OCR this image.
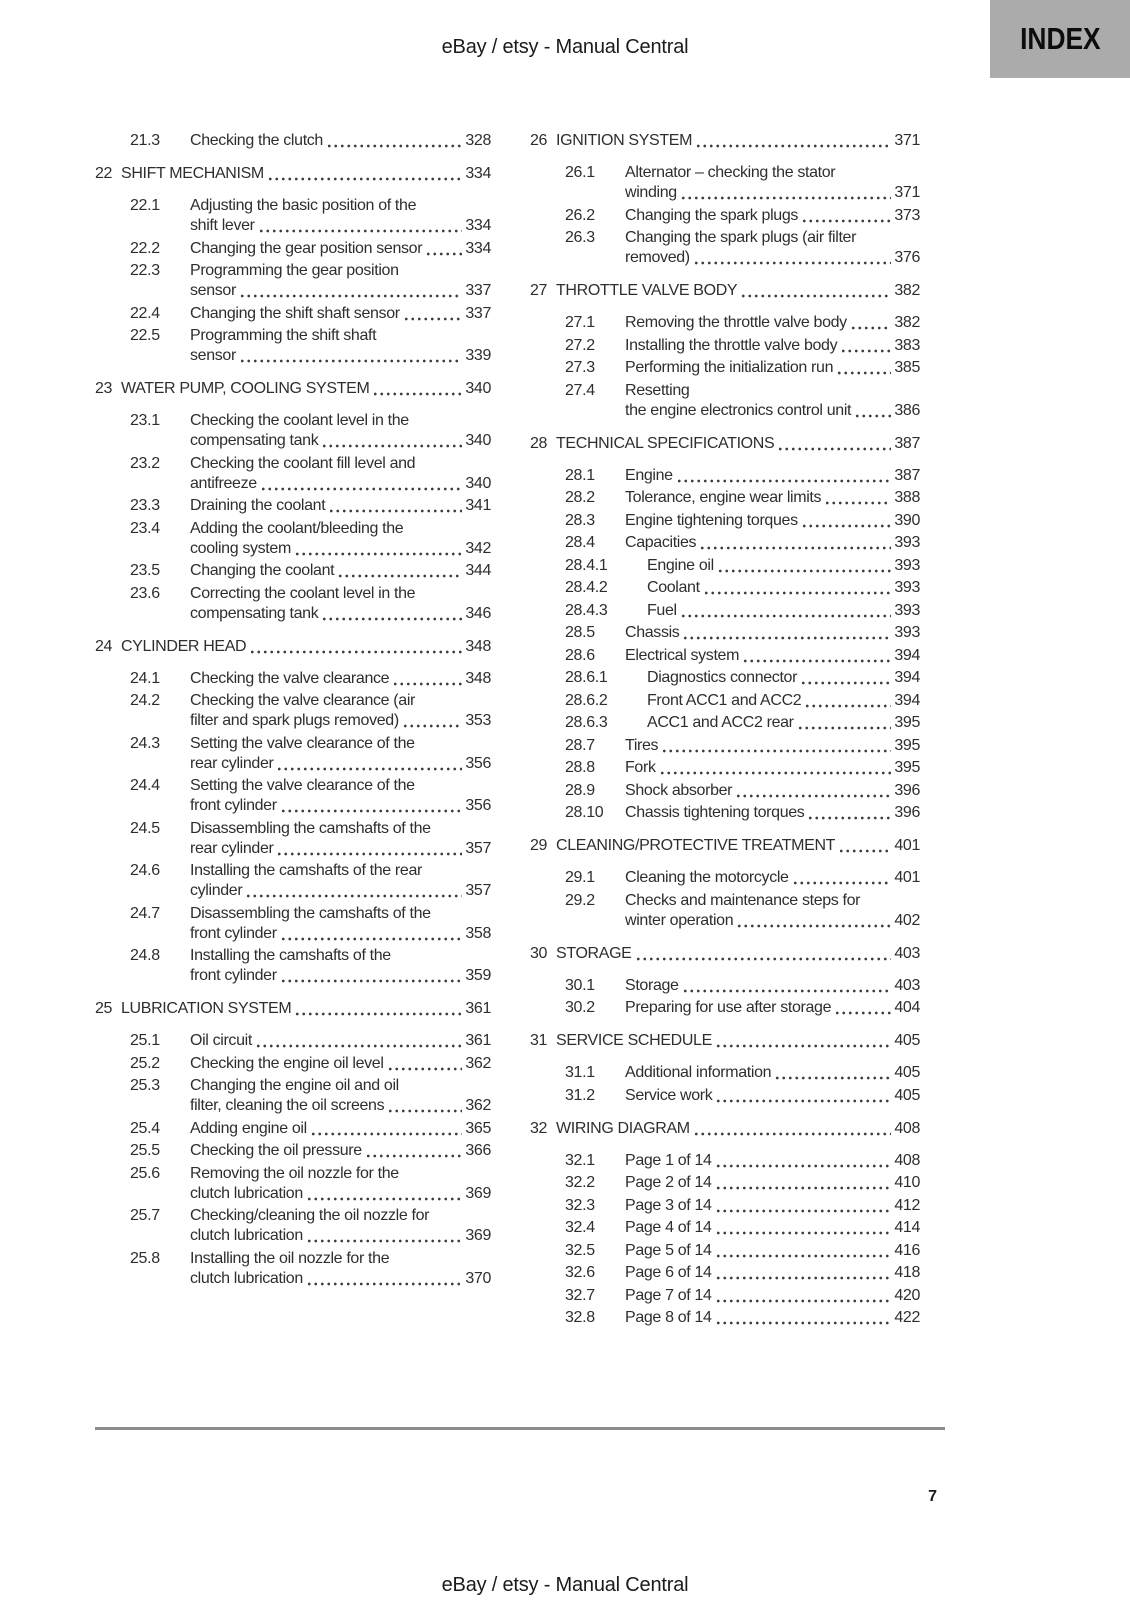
eBay / etsy - Manual Central	INDEX
21.3	Checking the clutch	328
22 SHIFT MECHANISM	334
22.1	Adjusting the basic position of the
shift lever	334
22.2	Changing the gear position sensor	334
22.3	Programming the gear position
sensor	337
22.4	Changing the shift shaft sensor	337
22.5	Programming the shift shaft
sensor	339
23 WATER PUMP, COOLING SYSTEM	340
23.1	Checking the coolant level in the
compensating tank	340
23.2	Checking the coolant fill level and
antifreeze	340
23.3	Draining the coolant	341
23.4	Adding the coolant/bleeding the
cooling system	342
23.5	Changing the coolant	344
23.6	Correcting the coolant level in the
compensating tank	346
24 CYLINDER HEAD	348
24.1	Checking the valve clearance	348
24.2	Checking the valve clearance (air
filter and spark plugs removed)	353
24.3	Setting the valve clearance of the
rear cylinder	356
24.4	Setting the valve clearance of the
front cylinder	356
24.5	Disassembling the camshafts of the
rear cylinder	357
24.6	Installing the camshafts of the rear
cylinder	357
24.7	Disassembling the camshafts of the
front cylinder	358
24.8	Installing the camshafts of the
front cylinder	359
25 LUBRICATION SYSTEM	361
25.1	Oil circuit	361
25.2	Checking the engine oil level	362
25.3	Changing the engine oil and oil
filter, cleaning the oil screens	362
25.4	Adding engine oil	365
25.5	Checking the oil pressure	366
25.6	Removing the oil nozzle for the
clutch lubrication	369
25.7	Checking/cleaning the oil nozzle for
clutch lubrication	369
25.8	Installing the oil nozzle for the
clutch lubrication	370
26 IGNITION SYSTEM	371
26.1	Alternator – checking the stator
winding	371
26.2	Changing the spark plugs	373
26.3	Changing the spark plugs (air filter
removed)	376
27 THROTTLE VALVE BODY	382
27.1	Removing the throttle valve body	382
27.2	Installing the throttle valve body	383
27.3	Performing the initialization run	385
27.4	Resetting
the engine electronics control unit	386
28 TECHNICAL SPECIFICATIONS	387
28.1	Engine	387
28.2	Tolerance, engine wear limits	388
28.3	Engine tightening torques	390
28.4	Capacities	393
28.4.1	Engine oil	393
28.4.2	Coolant	393
28.4.3	Fuel	393
28.5	Chassis	393
28.6	Electrical system	394
28.6.1	Diagnostics connector	394
28.6.2	Front ACC1 and ACC2	394
28.6.3	ACC1 and ACC2 rear	395
28.7	Tires	395
28.8	Fork	395
28.9	Shock absorber	396
28.10	Chassis tightening torques	396
29 CLEANING/PROTECTIVE TREATMENT	401
29.1	Cleaning the motorcycle	401
29.2	Checks and maintenance steps for
winter operation	402
30 STORAGE	403
30.1	Storage	403
30.2	Preparing for use after storage	404
31 SERVICE SCHEDULE	405
31.1	Additional information	405
31.2	Service work	405
32 WIRING DIAGRAM	408
32.1	Page 1 of 14	408
32.2	Page 2 of 14	410
32.3	Page 3 of 14	412
32.4	Page 4 of 14	414
32.5	Page 5 of 14	416
32.6	Page 6 of 14	418
32.7	Page 7 of 14	420
32.8	Page 8 of 14	422
7
eBay / etsy - Manual Central
